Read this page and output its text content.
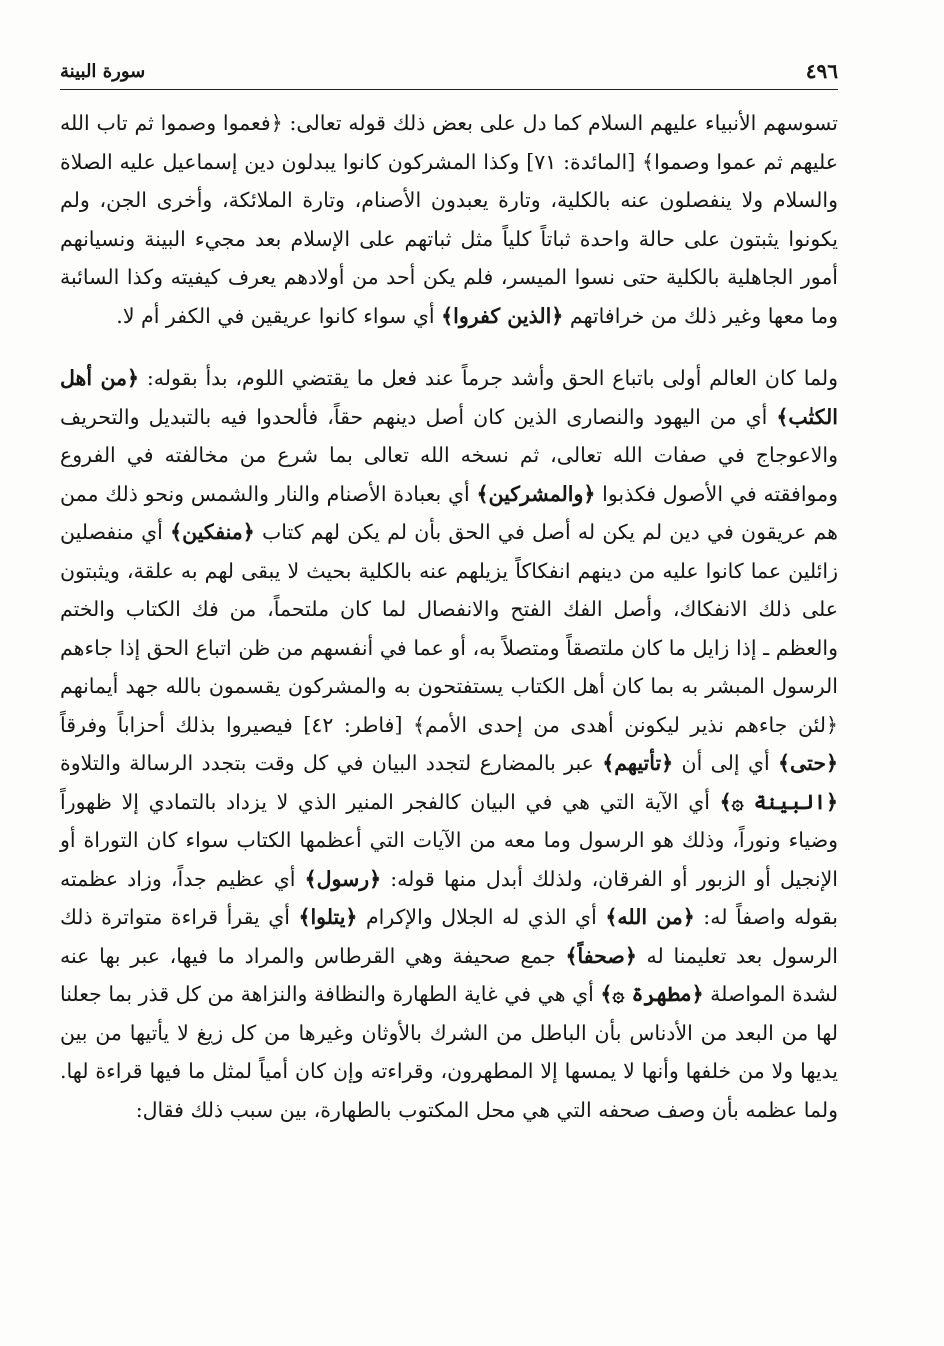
٤٩٦
سورة البينة

تسوسهم الأنبياء عليهم السلام كما دل على بعض ذلك قوله تعالى: ﴿فعموا وصموا ثم تاب الله عليهم ثم عموا وصموا﴾ [المائدة: ٧١] وكذا المشركون كانوا يبدلون دين إسماعيل عليه الصلاة والسلام ولا ينفصلون عنه بالكلية، وتارة يعبدون الأصنام، وتارة الملائكة، وأخرى الجن، ولم يكونوا يثبتون على حالة واحدة ثباتاً كلياً مثل ثباتهم على الإسلام بعد مجيء البينة ونسيانهم أمور الجاهلية بالكلية حتى نسوا الميسر، فلم يكن أحد من أولادهم يعرف كيفيته وكذا السائبة وما معها وغير ذلك من خرافاتهم ﴿الذين كفروا﴾ أي سواء كانوا عريقين في الكفر أم لا.

ولما كان العالم أولى باتباع الحق وأشد جرماً عند فعل ما يقتضي اللوم، بدأ بقوله: ﴿من أهل الكتٰب﴾ أي من اليهود والنصارى الذين كان أصل دينهم حقاً، فألحدوا فيه بالتبديل والتحريف والاعوجاج في صفات الله تعالى، ثم نسخه الله تعالى بما شرع من مخالفته في الفروع وموافقته في الأصول فكذبوا ﴿والمشركين﴾ أي بعبادة الأصنام والنار والشمس ونحو ذلك ممن هم عريقون في دين لم يكن له أصل في الحق بأن لم يكن لهم كتاب ﴿منفكين﴾ أي منفصلين زائلين عما كانوا عليه من دينهم انفكاكاً يزيلهم عنه بالكلية بحيث لا يبقى لهم به علقة، ويثبتون على ذلك الانفكاك، وأصل الفك الفتح والانفصال لما كان ملتحماً، من فك الكتاب والختم والعظم ـ إذا زايل ما كان ملتصقاً ومتصلاً به، أو عما في أنفسهم من ظن اتباع الحق إذا جاءهم الرسول المبشر به بما كان أهل الكتاب يستفتحون به والمشركون يقسمون بالله جهد أيمانهم ﴿لئن جاءهم نذير ليكونن أهدى من إحدى الأمم﴾ [فاطر: ٤٢] فيصيروا بذلك أحزاباً وفرقاً ﴿حتى﴾ أي إلى أن ﴿تأتيهم﴾ عبر بالمضارع لتجدد البيان في كل وقت بتجدد الرسالة والتلاوة ﴿البينة ۞﴾ أي الآية التي هي في البيان كالفجر المنير الذي لا يزداد بالتمادي إلا ظهوراً وضياء ونوراً، وذلك هو الرسول وما معه من الآيات التي أعظمها الكتاب سواء كان التوراة أو الإنجيل أو الزبور أو الفرقان، ولذلك أبدل منها قوله: ﴿رسول﴾ أي عظيم جداً، وزاد عظمته بقوله واصفاً له: ﴿من الله﴾ أي الذي له الجلال والإكرام ﴿يتلوا﴾ أي يقرأ قراءة متواترة ذلك الرسول بعد تعليمنا له ﴿صحفاً﴾ جمع صحيفة وهي القرطاس والمراد ما فيها، عبر بها عنه لشدة المواصلة ﴿مطهرة ۞﴾ أي هي في غاية الطهارة والنظافة والنزاهة من كل قذر بما جعلنا لها من البعد من الأدناس بأن الباطل من الشرك بالأوثان وغيرها من كل زيغ لا يأتيها من بين يديها ولا من خلفها وأنها لا يمسها إلا المطهرون، وقراءته وإن كان أمياً لمثل ما فيها قراءة لها. ولما عظمه بأن وصف صحفه التي هي محل المكتوب بالطهارة، بين سبب ذلك فقال:
